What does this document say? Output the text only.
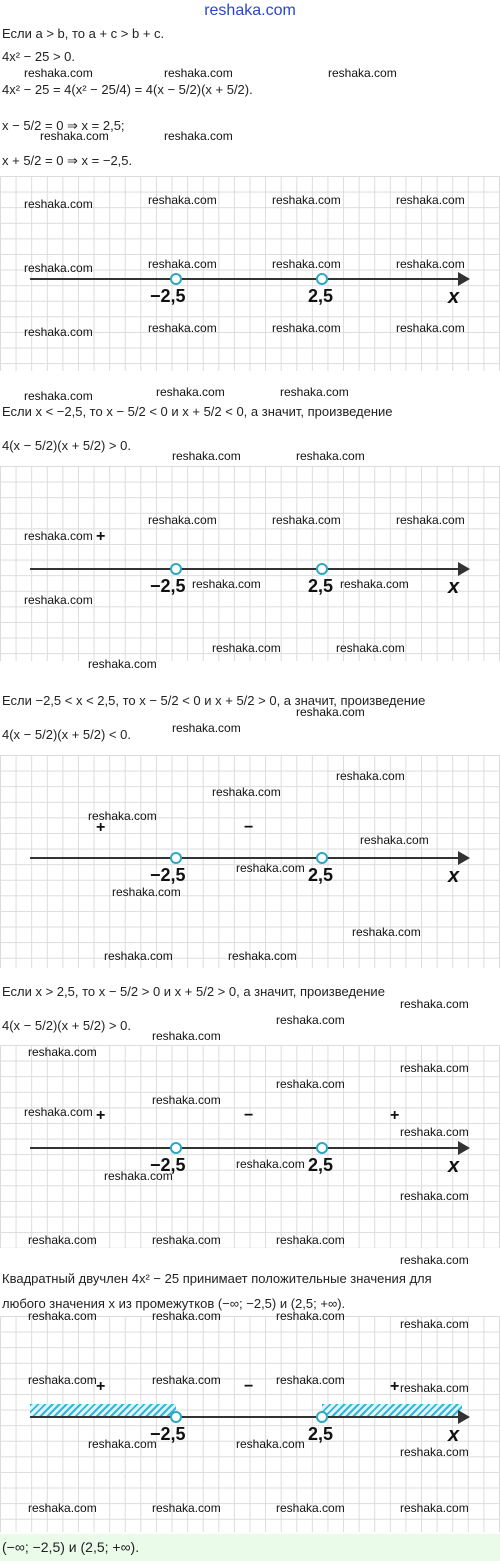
reshaka.com
Если a > b, то a + c > b + c.
4x² − 25 > 0.
4x² − 25 = 4(x² − 25/4) = 4(x − 5/2)(x + 5/2).
x − 5/2 = 0 ⇒ x = 2,5;
x + 5/2 = 0 ⇒ x = −2,5.
−2,5	2,5	x
Если x < −2,5, то x − 5/2 < 0 и x + 5/2 < 0, а значит, произведение
4(x − 5/2)(x + 5/2) > 0.
−2,5	2,5	x
+
Если −2,5 < x < 2,5, то x − 5/2 < 0 и x + 5/2 > 0, а значит, произведение
4(x − 5/2)(x + 5/2) < 0.
−2,5	2,5	x
+	−
Если x > 2,5, то x − 5/2 > 0 и x + 5/2 > 0, а значит, произведение
4(x − 5/2)(x + 5/2) > 0.
−2,5	2,5	x
+	−	+
Квадратный двучлен 4x² − 25 принимает положительные значения для
любого значения x из промежутков (−∞; −2,5) и (2,5; +∞).
−2,5	2,5	x
+	−	+
(−∞; −2,5) и (2,5; +∞).
reshaka.com	reshaka.com	reshaka.com
reshaka.com	reshaka.com
reshaka.com	reshaka.com	reshaka.com	reshaka.com
reshaka.com	reshaka.com	reshaka.com	reshaka.com
reshaka.com	reshaka.com	reshaka.com	reshaka.com
reshaka.com	reshaka.com	reshaka.com
reshaka.com	reshaka.com
reshaka.com	reshaka.com	reshaka.com
reshaka.com
reshaka.com	reshaka.com
reshaka.com
reshaka.com	reshaka.com
reshaka.com
reshaka.com
reshaka.com
reshaka.com
reshaka.com
reshaka.com
reshaka.com
reshaka.com
reshaka.com
reshaka.com
reshaka.com	reshaka.com
reshaka.com
reshaka.com
reshaka.com
reshaka.com
reshaka.com
reshaka.com
reshaka.com
reshaka.com
reshaka.com
reshaka.com
reshaka.com
reshaka.com
reshaka.com	reshaka.com	reshaka.com
reshaka.com
reshaka.com	reshaka.com	reshaka.com
reshaka.com
reshaka.com	reshaka.com	reshaka.com
reshaka.com
reshaka.com	reshaka.com
reshaka.com
reshaka.com	reshaka.com	reshaka.com	reshaka.com
